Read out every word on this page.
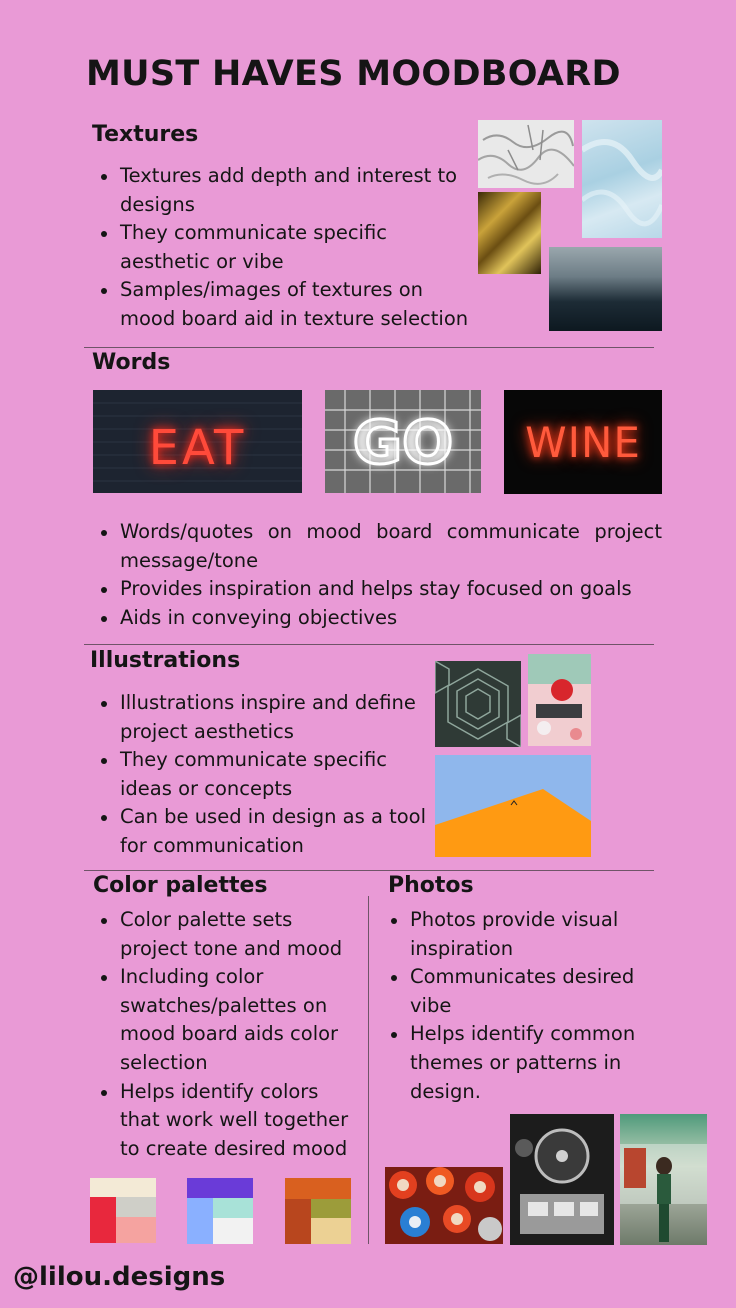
MUST HAVES MOODBOARD
Textures
Textures add depth and interest to designs
They communicate specific aesthetic or vibe
Samples/images of textures on mood board aid in texture selection
Words
EAT	GO	WINE
Words/quotes on mood board communicate project message/tone
Provides inspiration and helps stay focused on goals
Aids in conveying objectives
Illustrations
Illustrations inspire and define project aesthetics
They communicate specific ideas or concepts
Can be used in design as a tool for communication
Color palettes
Color palette sets project tone and mood
Including color swatches/palettes on mood board aids color selection
Helps identify colors that work well together to create desired mood
Photos
Photos provide visual inspiration
Communicates desired vibe
Helps identify common themes or patterns in design.
@lilou.designs
